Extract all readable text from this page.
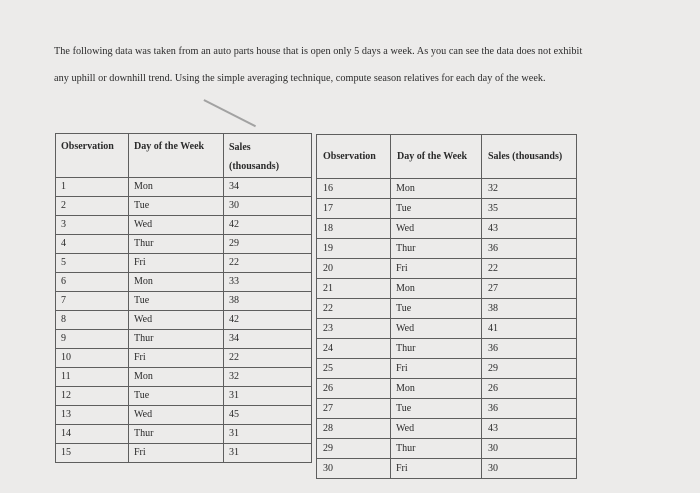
The following data was taken from an auto parts house that is open only 5 days a week. As you can see the data does not exhibit
any uphill or downhill trend. Using the simple averaging technique, compute season relatives for each day of the week.
Observation	Day of the Week	Sales (thousands)

1	Mon	34
2	Tue	30
3	Wed	42
4	Thur	29
5	Fri	22
6	Mon	33
7	Tue	38
8	Wed	42
9	Thur	34
10	Fri	22
11	Mon	32
12	Tue	31
13	Wed	45
14	Thur	31
15	Fri	31
Observation	Day of the Week	Sales (thousands)
16	Mon	32
17	Tue	35
18	Wed	43
19	Thur	36
20	Fri	22
21	Mon	27
22	Tue	38
23	Wed	41
24	Thur	36
25	Fri	29
26	Mon	26
27	Tue	36
28	Wed	43
29	Thur	30
30	Fri	30
